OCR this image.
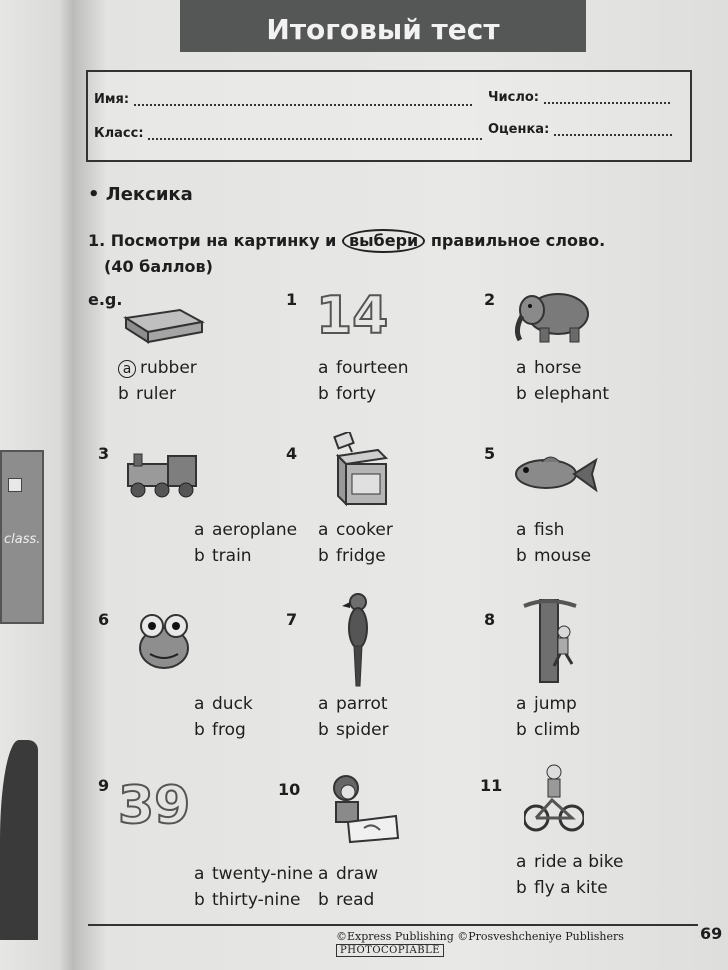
class.
Итоговый тест
Имя:	Число:
Класс:	Оценка:
• Лексика
1. Посмотри на картинку и выбери правильное слово.
(40 баллов)
e.g.
a rubber
b ruler
1 14
a fourteen
b forty
2
a horse
b elephant
3
a aeroplane
b train
4
a cooker
b fridge
5
a fish
b mouse
6
a duck
b frog
7
a parrot
b spider
8
a jump
b climb
9 39
a twenty-nine
b thirty-nine
10
a draw
b read
11
a ride a bike
b fly a kite
©Express Publishing ©Prosveshcheniye Publishers PHOTOCOPIABLE
69
